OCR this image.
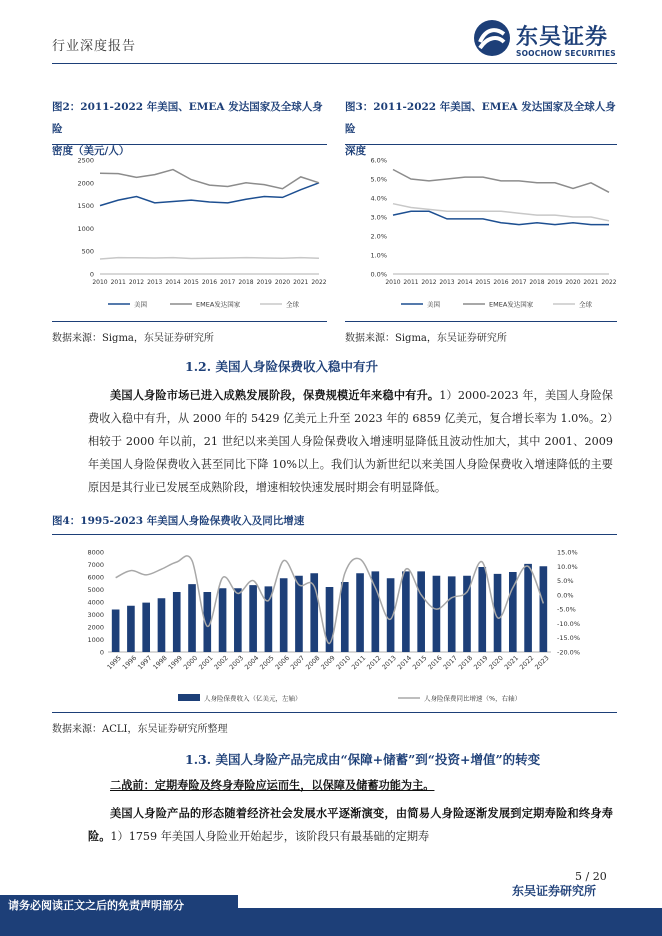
行业深度报告	东吴证券
SOOCHOW SECURITIES
图2：2011-2022 年美国、EMEA 发达国家及全球人身险
密度（美元/人）
图3：2011-2022 年美国、EMEA 发达国家及全球人身险
深度
0
500
1000
1500
2000
2500
2010 2011 2012 2013 2014 2015 2016 2017 2018 2019 2020 2021 2022
美国	EMEA发达国家	全球
0.0%
1.0%
2.0%
3.0%
4.0%
5.0%
6.0%
2010 2011 2012 2013 2014 2015 2016 2017 2018 2019 2020 2021 2022
美国	EMEA发达国家	全球
数据来源：Sigma，东吴证券研究所	数据来源：Sigma，东吴证券研究所
1.2. 美国人身险保费收入稳中有升
美国人身险市场已进入成熟发展阶段，保费规模近年来稳中有升。1）2000-2023 年，美国人身险保费收入稳中有升，从 2000 年的 5429 亿美元上升至 2023 年的 6859 亿美元，复合增长率为 1.0%。2）相较于 2000 年以前，21 世纪以来美国人身险保费收入增速明显降低且波动性加大，其中 2001、2009 年美国人身险保费收入甚至同比下降 10%以上。我们认为新世纪以来美国人身险保费收入增速降低的主要原因是其行业已发展至成熟阶段，增速相较快速发展时期会有明显降低。
图4：1995-2023 年美国人身险保费收入及同比增速
0
1000
2000
3000
4000
5000
6000
7000
8000	15.0%
10.0%
5.0%
0.0%
-5.0%
-10.0%
-15.0%
-20.0%
1995
1996
1997
1998
1999
2000
2001
2002
2003
2004
2005
2006
2007
2008
2009
2010
2011
2012
2013
2014
2015
2016
2017
2018
2019
2020
2021
2022
2023
人身险保费收入（亿美元，左轴）	人身险保费同比增速（%，右轴）
数据来源：ACLI，东吴证券研究所整理
1.3. 美国人身险产品完成由“保障+储蓄”到“投资+增值”的转变
二战前：定期寿险及终身寿险应运而生，以保障及储蓄功能为主。
美国人身险产品的形态随着经济社会发展水平逐渐演变，由简易人身险逐渐发展到定期寿险和终身寿险。1）1759 年美国人身险业开始起步，该阶段只有最基础的定期寿
5 / 20
东吴证券研究所
请务必阅读正文之后的免责声明部分
